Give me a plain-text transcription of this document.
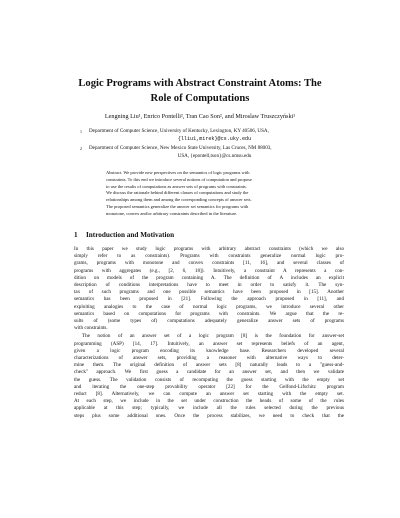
Logic Programs with Abstract Constraint Atoms: The
Role of Computations
Lengning Liu¹, Enrico Pontelli², Tran Cao Son², and Miroslaw Truszczyński¹
1 Department of Computer Science, University of Kentucky, Lexington, KY 40506, USA,
{lliu1,mirek}@cs.uky.edu
2 Department of Computer Science, New Mexico State University, Las Cruces, NM 88003,
USA, {epontell,tson}@cs.nmsu.edu
Abstract. We provide new perspectives on the semantics of logic programs with
constraints. To this end we introduce several notions of computation and propose
to use the results of computations as answer sets of programs with constraints.
We discuss the rationale behind different classes of computations and study the
relationships among them and among the corresponding concepts of answer sets.
The proposed semantics generalize the answer set semantics for programs with
monotone, convex and/or arbitrary constraints described in the literature.
1 Introduction and Motivation

In this paper we study logic programs with arbitrary abstract constraints (which we also
simply refer to as constraints). Programs with constraints generalize normal logic pro-
grams, programs with monotone and convex constraints [11, 16], and several classes of
programs with aggregates (e.g., [2, 6, 18]). Intuitively, a constraint A represents a con-
dition on models of the program containing A. The definition of A includes an explicit
description of conditions interpretations have to meet in order to satisfy it. The syn-
tax of such programs and one possible semantics have been proposed in [15]. Another
semantics has been proposed in [21]. Following the approach proposed in [11], and
exploiting analogies to the case of normal logic programs, we introduce several other
semantics based on computations for programs with constraints. We argue that the re-
sults of (some types of) computations adequately generalize answer sets of programs
with constraints.

The notion of an answer set of a logic program [8] is the foundation for answer-set
programming (ASP) [14, 17]. Intuitively, an answer set represents beliefs of an agent,
given a logic program encoding its knowledge base. Researchers developed several
characterizations of answer sets, providing a reasoner with alternative ways to deter-
mine them. The original definition of answer sets [8] naturally leads to a "guess-and-
check" approach. We first guess a candidate for an answer set, and then we validate
the guess. The validation consists of recomputing the guess starting with the empty set
and iterating the one-step provability operator [22] for the Gelfond-Lifschitz program
reduct [8]. Alternatively, we can compute an answer set starting with the empty set.
At each step, we include in the set under construction the heads of some of the rules
applicable at this step; typically, we include all the rules selected during the previous
steps plus some additional ones. Once the process stabilizes, we need to check that the
